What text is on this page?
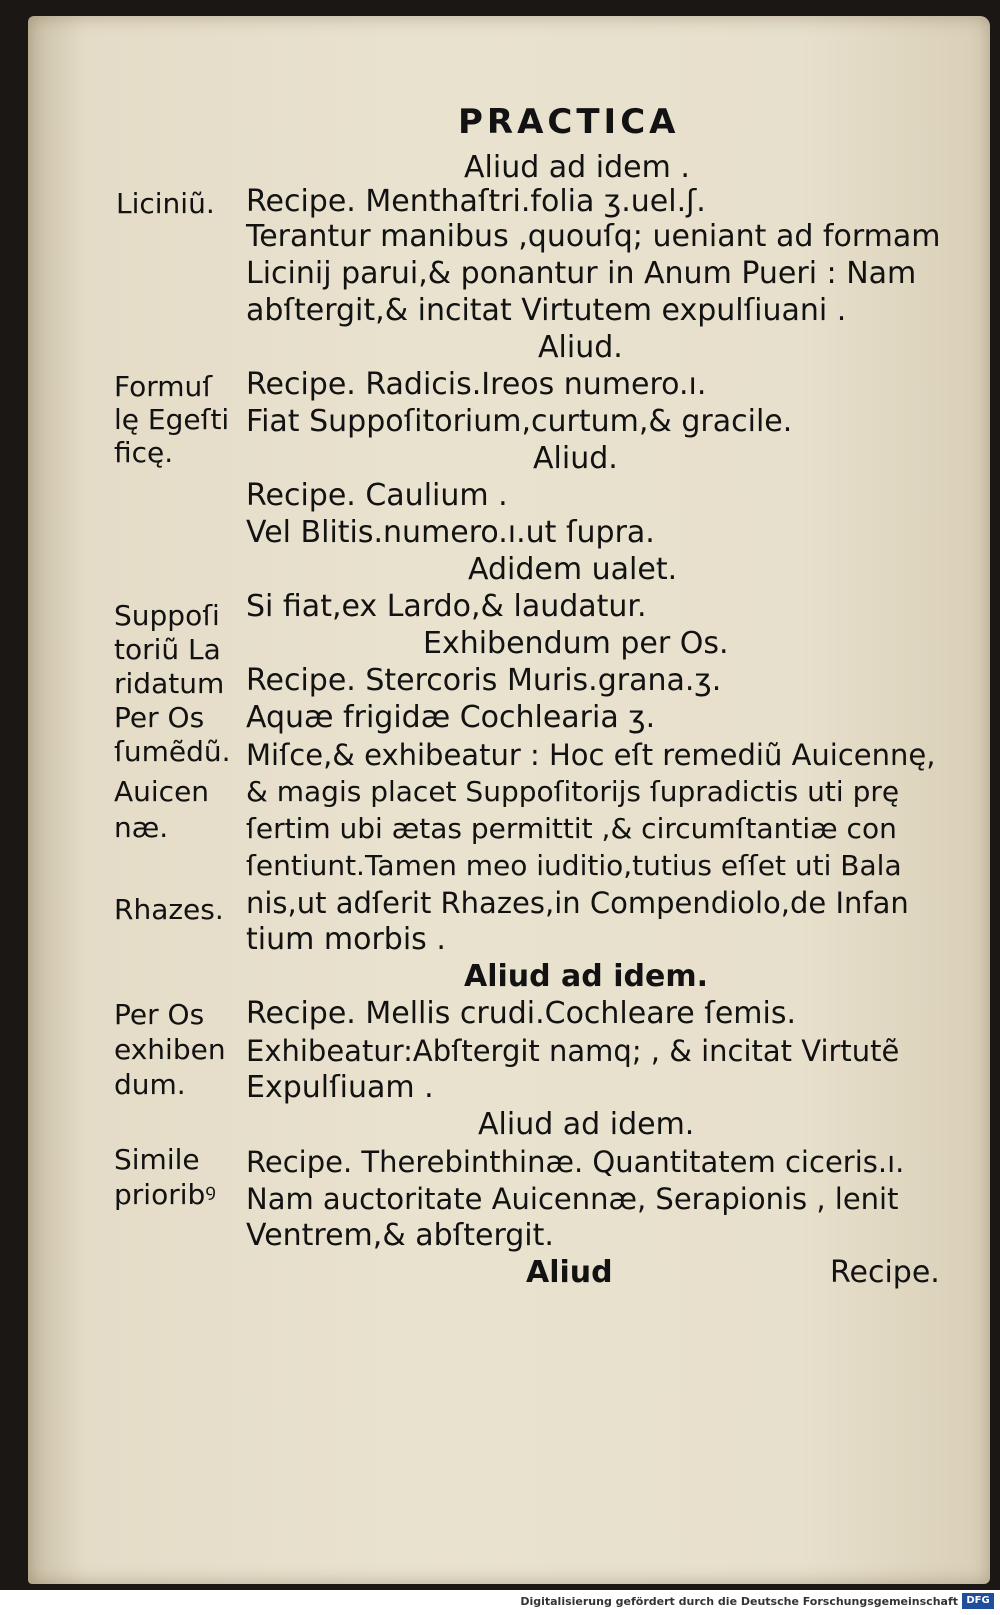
PRACTICA
Aliud ad idem .
Recipe. Menthaſtri.folia ʒ.uel.ʃ.
Terantur manibus ,quouſq; ueniant ad formam
Licinij parui,& ponantur in Anum Pueri : Nam
abſtergit,& incitat Virtutem expulſiuani .
Aliud.
Recipe. Radicis.Ireos numero.ı.
Fiat Suppoſitorium,curtum,& gracile.
Aliud.
Recipe. Caulium .
Vel Blitis.numero.ı.ut ſupra.
Adidem ualet.
Si fiat,ex Lardo,& laudatur.
Exhibendum per Os.
Recipe. Stercoris Muris.grana.ʒ.
Aquæ frigidæ Cochlearia ʒ.
Miſce,& exhibeatur : Hoc eſt remediũ Auicennę,
& magis placet Suppoſitorijs ſupradictis uti prę
ſertim ubi ætas permittit ,& circumſtantiæ con
ſentiunt.Tamen meo iuditio,tutius eſſet uti Bala
nis,ut adſerit Rhazes,in Compendiolo,de Infan
tium morbis .
Aliud ad idem.
Recipe. Mellis crudi.Cochleare ſemis.
Exhibeatur:Abſtergit namq; , & incitat Virtutẽ
Expulſiuam .
Aliud ad idem.
Recipe. Therebinthinæ. Quantitatem ciceris.ı.
Nam auctoritate Auicennæ, Serapionis , lenit
Ventrem,& abſtergit.
Aliud	Recipe.
Liciniũ.
Formuſ
lę Egeſti
ficę.
Suppoſi
toriũ La
ridatum
Per Os
ſumẽdũ.
Auicen
næ.
Rhazes.
Per Os
exhiben
dum.
Simile
prioribꝰ
Digitalisierung gefördert durch die Deutsche Forschungsgemeinschaft DFG
